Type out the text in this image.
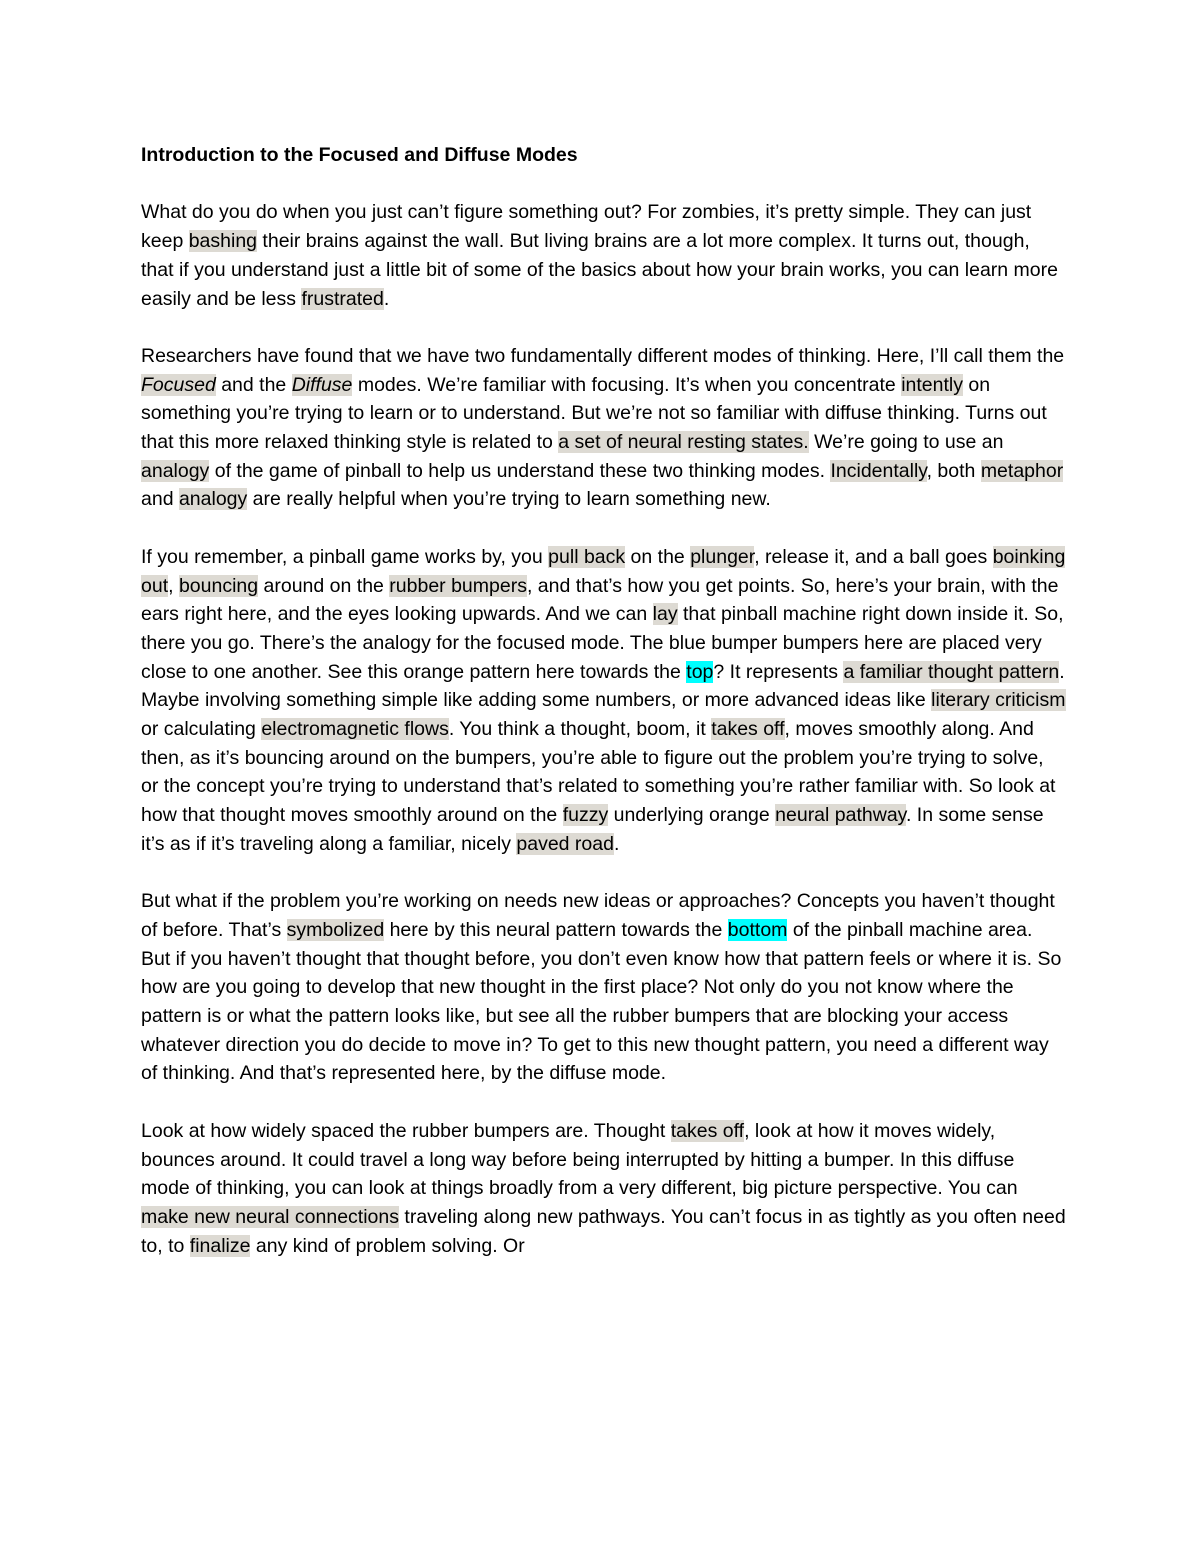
Introduction to the Focused and Diffuse Modes

What do you do when you just can’t figure something out? For zombies, it’s pretty simple. They can just keep bashing their brains against the wall. But living brains are a lot more complex. It turns out, though, that if you understand just a little bit of some of the basics about how your brain works, you can learn more easily and be less frustrated.

Researchers have found that we have two fundamentally different modes of thinking. Here, I’ll call them the Focused and the Diffuse modes. We’re familiar with focusing. It’s when you concentrate intently on something you’re trying to learn or to understand. But we’re not so familiar with diffuse thinking. Turns out that this more relaxed thinking style is related to a set of neural resting states. We’re going to use an analogy of the game of pinball to help us understand these two thinking modes. Incidentally, both metaphor and analogy are really helpful when you’re trying to learn something new.

If you remember, a pinball game works by, you pull back on the plunger, release it, and a ball goes boinking out, bouncing around on the rubber bumpers, and that’s how you get points. So, here’s your brain, with the ears right here, and the eyes looking upwards. And we can lay that pinball machine right down inside it. So, there you go. There’s the analogy for the focused mode. The blue bumper bumpers here are placed very close to one another. See this orange pattern here towards the top? It represents a familiar thought pattern. Maybe involving something simple like adding some numbers, or more advanced ideas like literary criticism or calculating electromagnetic flows. You think a thought, boom, it takes off, moves smoothly along. And then, as it’s bouncing around on the bumpers, you’re able to figure out the problem you’re trying to solve, or the concept you’re trying to understand that’s related to something you’re rather familiar with. So look at how that thought moves smoothly around on the fuzzy underlying orange neural pathway. In some sense it’s as if it’s traveling along a familiar, nicely paved road.

But what if the problem you’re working on needs new ideas or approaches? Concepts you haven’t thought of before. That’s symbolized here by this neural pattern towards the bottom of the pinball machine area. But if you haven’t thought that thought before, you don’t even know how that pattern feels or where it is. So how are you going to develop that new thought in the first place? Not only do you not know where the pattern is or what the pattern looks like, but see all the rubber bumpers that are blocking your access whatever direction you do decide to move in? To get to this new thought pattern, you need a different way of thinking. And that’s represented here, by the diffuse mode.

Look at how widely spaced the rubber bumpers are. Thought takes off, look at how it moves widely, bounces around. It could travel a long way before being interrupted by hitting a bumper. In this diffuse mode of thinking, you can look at things broadly from a very different, big picture perspective. You can make new neural connections traveling along new pathways. You can’t focus in as tightly as you often need to, to finalize any kind of problem solving. Or
